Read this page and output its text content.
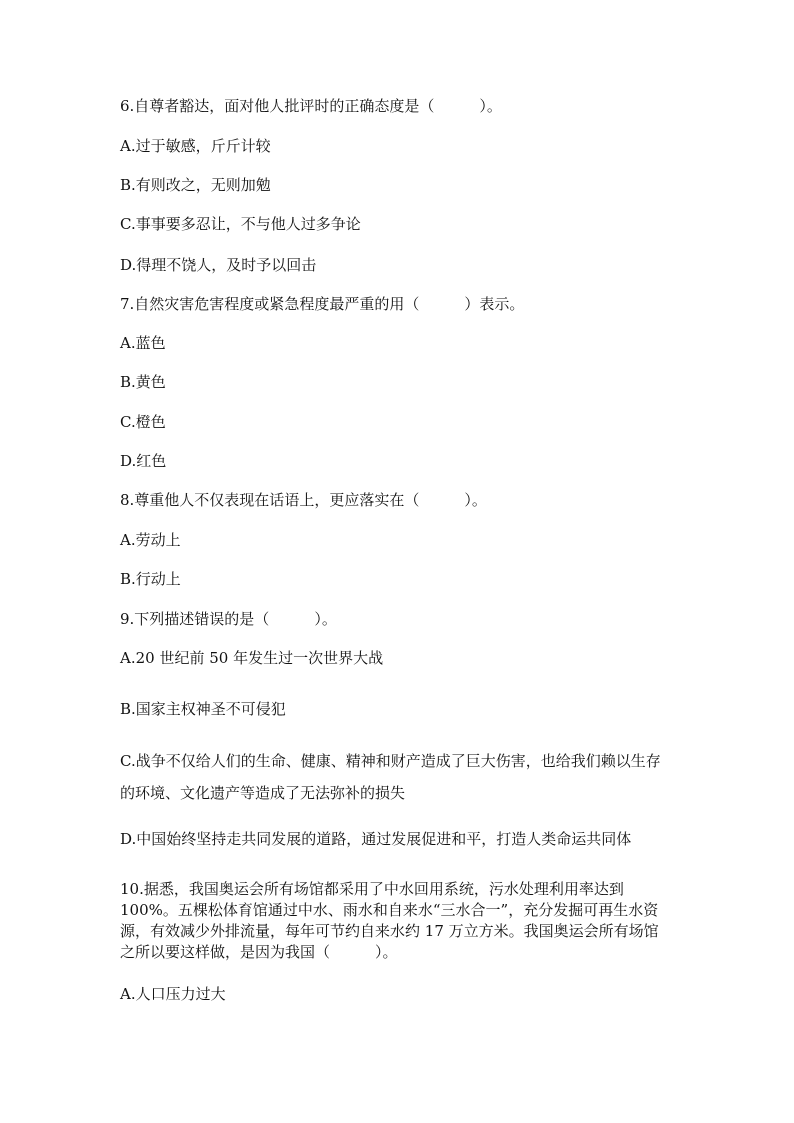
6.自尊者豁达，面对他人批评时的正确态度是（　　　）。
A.过于敏感，斤斤计较
B.有则改之，无则加勉
C.事事要多忍让，不与他人过多争论
D.得理不饶人，及时予以回击
7.自然灾害危害程度或紧急程度最严重的用（　　　）表示。
A.蓝色
B.黄色
C.橙色
D.红色
8.尊重他人不仅表现在话语上，更应落实在（　　　）。
A.劳动上
B.行动上
9.下列描述错误的是（　　　）。
A.20 世纪前 50 年发生过一次世界大战
B.国家主权神圣不可侵犯
C.战争不仅给人们的生命、健康、精神和财产造成了巨大伤害，也给我们赖以生存的环境、文化遗产等造成了无法弥补的损失
D.中国始终坚持走共同发展的道路，通过发展促进和平，打造人类命运共同体
10.据悉，我国奥运会所有场馆都采用了中水回用系统，污水处理利用率达到 100%。五棵松体育馆通过中水、雨水和自来水“三水合一”，充分发掘可再生水资源，有效减少外排流量，每年可节约自来水约 17 万立方米。我国奥运会所有场馆之所以要这样做，是因为我国（　　　）。
A.人口压力过大
